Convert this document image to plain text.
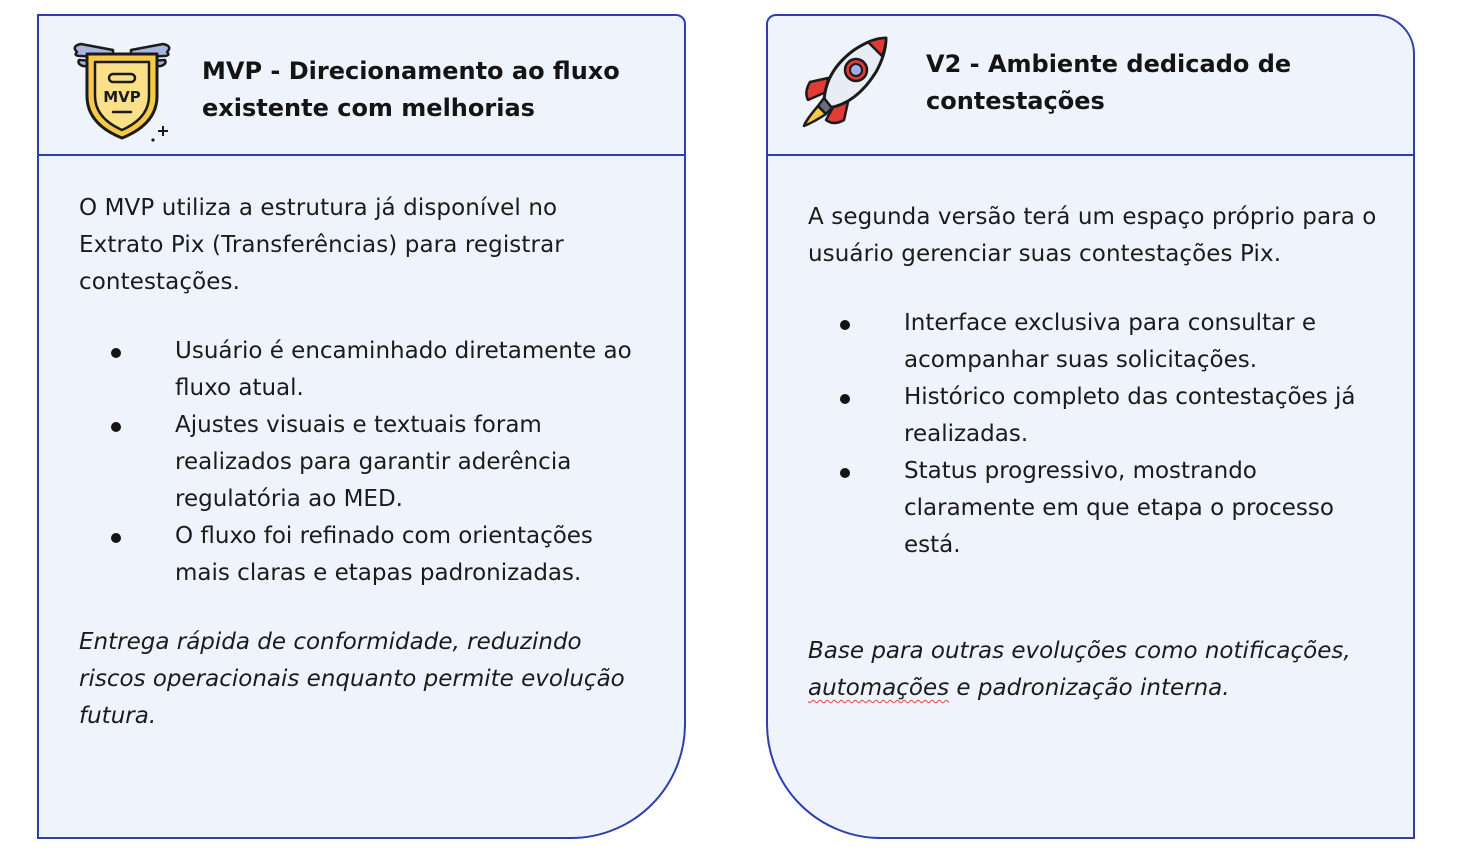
MVP
MVP - Direcionamento ao fluxo existente com melhorias

O MVP utiliza a estrutura já disponível no Extrato Pix (Transferências) para registrar contestações.

Usuário é encaminhado diretamente ao fluxo atual.
Ajustes visuais e textuais foram realizados para garantir aderência regulatória ao MED.
O fluxo foi refinado com orientações mais claras e etapas padronizadas.

Entrega rápida de conformidade, reduzindo riscos operacionais enquanto permite evolução futura.

V2 - Ambiente dedicado de contestações

A segunda versão terá um espaço próprio para o usuário gerenciar suas contestações Pix.

Interface exclusiva para consultar e acompanhar suas solicitações.
Histórico completo das contestações já realizadas.
Status progressivo, mostrando claramente em que etapa o processo está.

Base para outras evoluções como notificações, automações e padronização interna.
